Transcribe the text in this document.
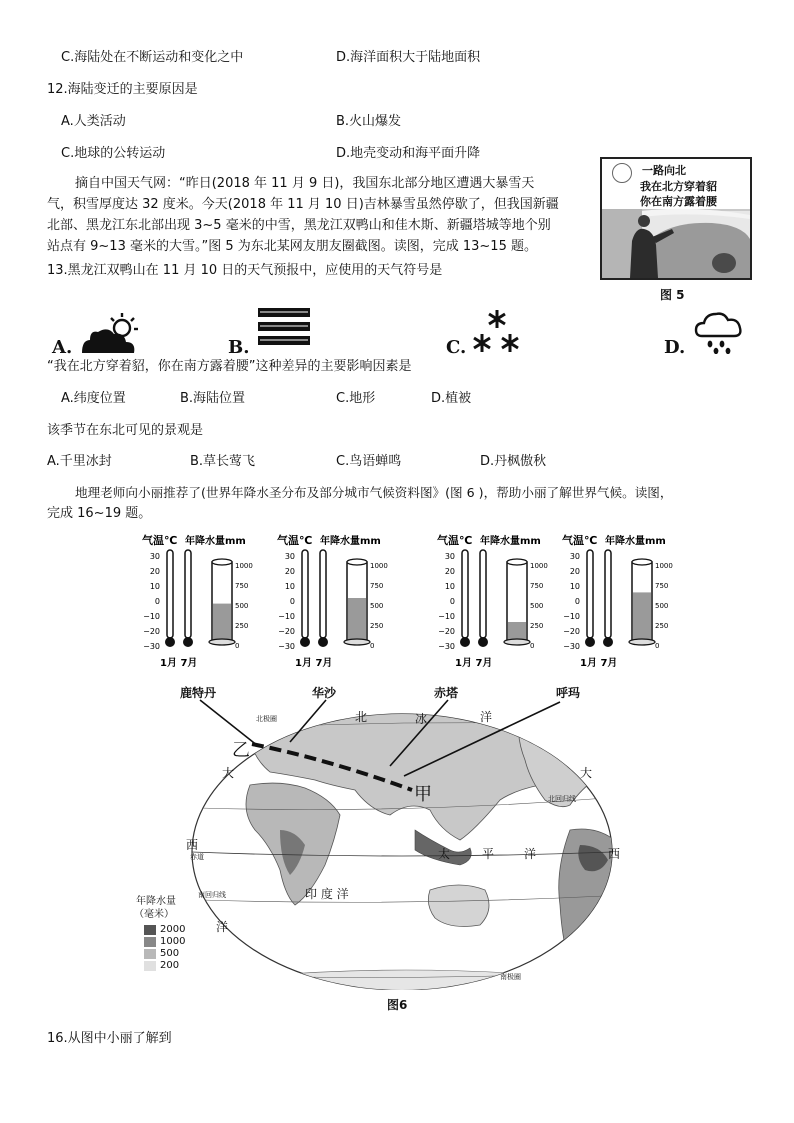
C.海陆处在不断运动和变化之中	D.海洋面积大于陆地面积
12.海陆变迁的主要原因是
A.人类活动	B.火山爆发
C.地球的公转运动	D.地壳变动和海平面升降
摘自中国天气网：“昨日(2018 年 11 月 9 日)，我国东北部分地区遭遇大暴雪天
气，积雪厚度达 32 度米。今天(2018 年 11 月 10 日)吉林暴雪虽然停歇了，但我国新疆
北部、黑龙江东北部出现 3~5 毫米的中雪，黑龙江双鸭山和佳木斯、新疆塔城等地个别
站点有 9~13 毫米的大雪。”图 5 为东北某网友朋友圈截图。读图，完成 13~15 题。
一路向北
我在北方穿着貂
你在南方露着腰
图 5
13.黑龙江双鸭山在 11 月 10 日的天气预报中，应使用的天气符号是
A.	B.	C.	D.
“我在北方穿着貂，你在南方露着腰”这种差异的主要影响因素是
A.纬度位置	B.海陆位置	C.地形	D.植被
该季节在东北可见的景观是
A.千里冰封	B.草长莺飞	C.鸟语蝉鸣	D.丹枫傲秋
地理老师向小丽推荐了(世界年降水圣分布及部分城市气候资料图》(图 6 )，帮助小丽了解世界气候。读图，
完成 16~19 题。
气温℃ 年降水量mm
30
20
10
0
−10
−20
−30
1月 7月
1000
750
500
250
0
气温℃ 年降水量mm
30
20
10
0
−10
−20
−30
1月 7月
1000
750
500
250
0
气温℃ 年降水量mm
30
20
10
0
−10
−20
−30
1月 7月
1000
750
500
250
0
气温℃ 年降水量mm
30
20
10
0
−10
−20
−30
1月 7月
1000
750
500
250
0
鹿特丹	华沙	赤塔	呼玛
北	冰	洋
北极圈
乙
甲
大	大
北回归线
西
赤道	太	平 洋	西
印 度 洋
南回归线
洋
南极圈
年降水量
（毫米）
2000
1000
500
200
图6
16.从图中小丽了解到
